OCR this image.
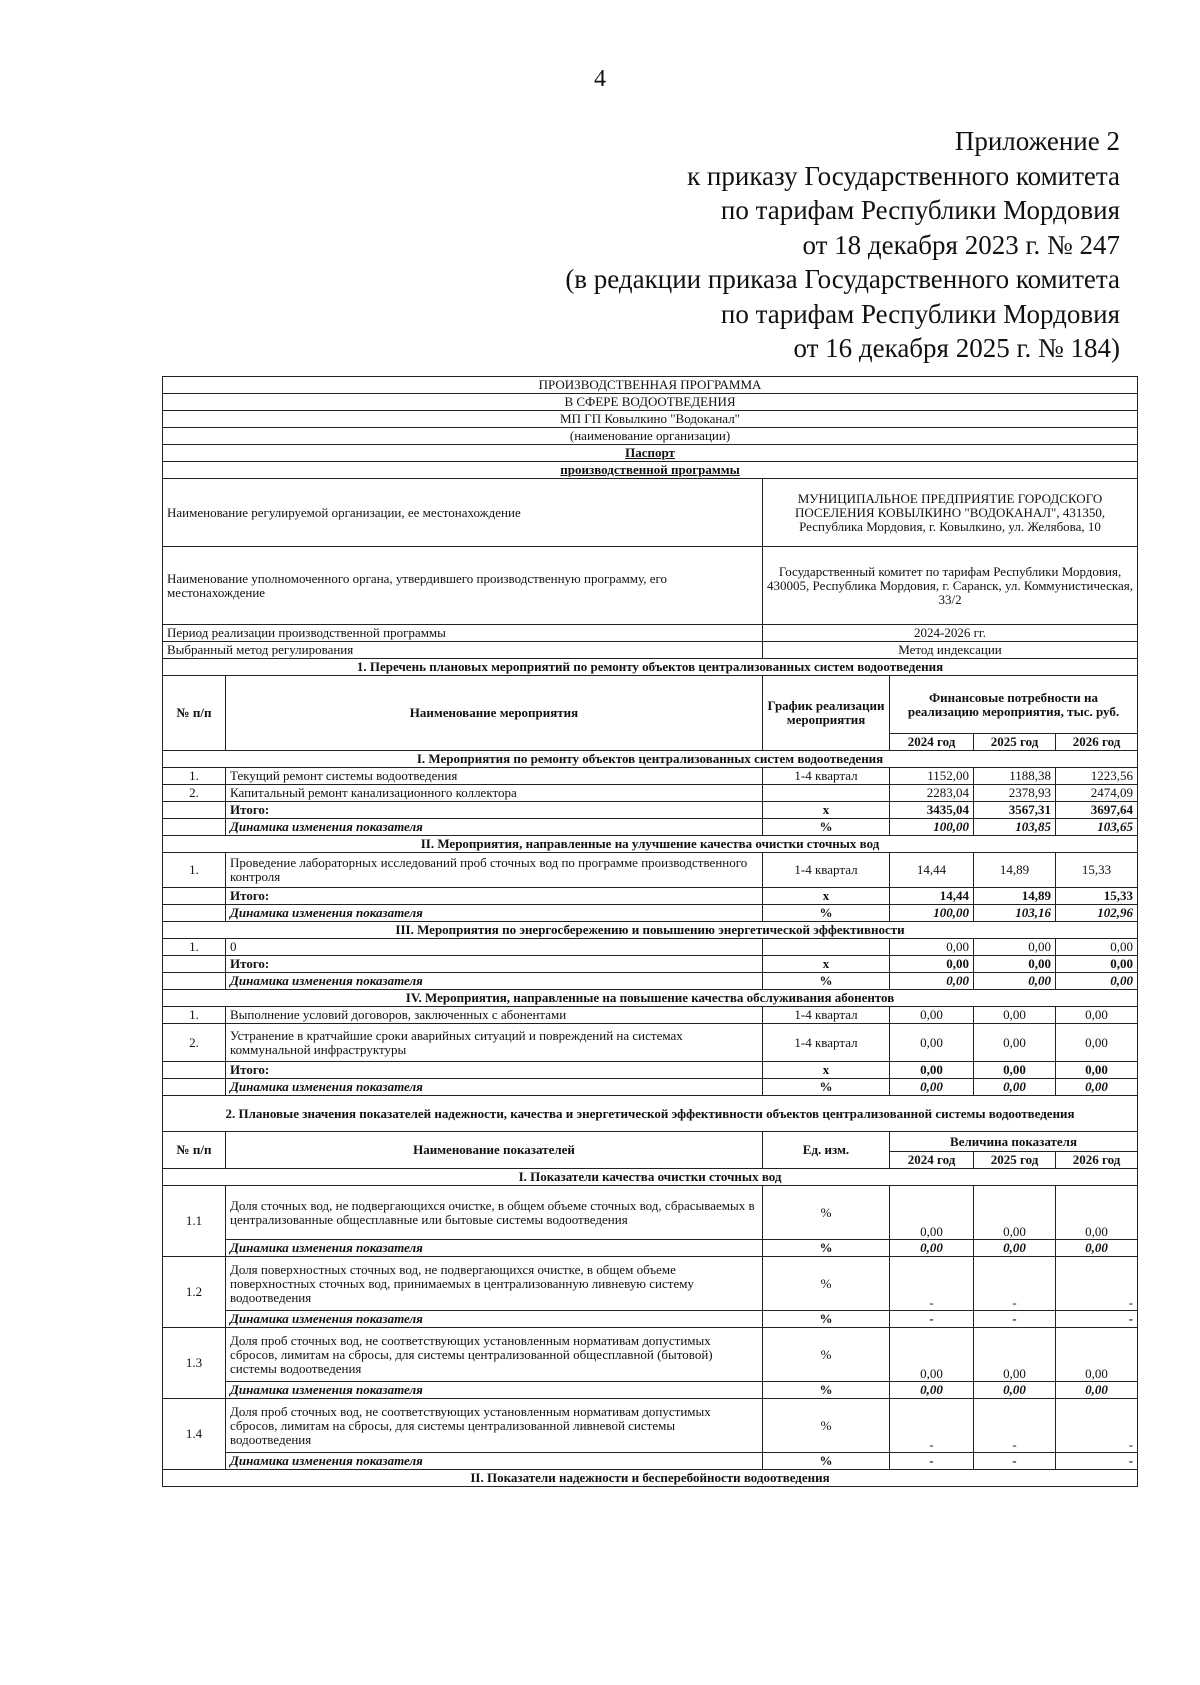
4
Приложение 2
к приказу Государственного комитета
по тарифам Республики Мордовия
от 18 декабря 2023 г. № 247
(в редакции приказа Государственного комитета
по тарифам Республики Мордовия
от 16 декабря 2025 г. № 184)
ПРОИЗВОДСТВЕННАЯ ПРОГРАММА					
В СФЕРЕ ВОДООТВЕДЕНИЯ					
МП ГП Ковылкино "Водоканал"					
(наименование организации)					
Паспорт					
производственной программы					
Наименование регулируемой организации, ее местонахождение		МУНИЦИПАЛЬНОЕ ПРЕДПРИЯТИЕ ГОРОДСКОГО ПОСЕЛЕНИЯ КОВЫЛКИНО "ВОДОКАНАЛ", 431350, Республика Мордовия, г. Ковылкино, ул. Желябова, 10			
Наименование уполномоченного органа, утвердившего производственную программу, его местонахождение		Государственный комитет по тарифам Республики Мордовия, 430005, Республика Мордовия, г. Саранск, ул. Коммунистическая, 33/2			
Период реализации производственной программы		2024-2026 гг.			
Выбранный метод регулирования		Метод индексации			
1. Перечень плановых мероприятий по ремонту объектов централизованных систем водоотведения					
№ п/п	Наименование мероприятия	График реализации мероприятия	Финансовые потребности на реализацию мероприятия, тыс. руб.		
			2024 год	2025 год	2026 год
I. Мероприятия по ремонту объектов централизованных систем водоотведения					
1.	Текущий ремонт системы водоотведения	1-4 квартал	1152,00	1188,38	1223,56
2.	Капитальный ремонт канализационного коллектора		2283,04	2378,93	2474,09
	Итого:	х	3435,04	3567,31	3697,64
	Динамика изменения показателя	%	100,00	103,85	103,65
II. Мероприятия, направленные на улучшение качества очистки сточных вод					
1.	Проведение лабораторных исследований проб сточных вод по программе производственного контроля	1-4 квартал	14,44	14,89	15,33
	Итого:	х	14,44	14,89	15,33
	Динамика изменения показателя	%	100,00	103,16	102,96
III. Мероприятия по энергосбережению и повышению энергетической эффективности					
1.	0		0,00	0,00	0,00
	Итого:	х	0,00	0,00	0,00
	Динамика изменения показателя	%	0,00	0,00	0,00
IV. Мероприятия, направленные на повышение качества обслуживания абонентов					
1.	Выполнение условий договоров, заключенных с абонентами	1-4 квартал	0,00	0,00	0,00
2.	Устранение в кратчайшие сроки аварийных ситуаций и повреждений на системах коммунальной инфраструктуры	1-4 квартал	0,00	0,00	0,00
	Итого:	х	0,00	0,00	0,00
	Динамика изменения показателя	%	0,00	0,00	0,00
2. Плановые значения показателей надежности, качества и энергетической эффективности объектов централизованной системы водоотведения					
№ п/п	Наименование показателей	Ед. изм.	Величина показателя		
			2024 год	2025 год	2026 год
I. Показатели качества очистки сточных вод					
1.1	Доля сточных вод, не подвергающихся очистке, в общем объеме сточных вод, сбрасываемых в централизованные общесплавные или бытовые системы водоотведения	%	0,00	0,00	0,00
	Динамика изменения показателя	%	0,00	0,00	0,00
1.2	Доля поверхностных сточных вод, не подвергающихся очистке, в общем объеме поверхностных сточных вод, принимаемых в централизованную ливневую систему водоотведения	%	-	-	-
	Динамика изменения показателя	%	-	-	-
1.3	Доля проб сточных вод, не соответствующих установленным нормативам допустимых сбросов, лимитам на сбросы, для системы централизованной общесплавной (бытовой) системы водоотведения	%	0,00	0,00	0,00
	Динамика изменения показателя	%	0,00	0,00	0,00
1.4	Доля проб сточных вод, не соответствующих установленным нормативам допустимых сбросов, лимитам на сбросы, для системы централизованной ливневой системы водоотведения	%	-	-	-
	Динамика изменения показателя	%	-	-	-
II. Показатели надежности и бесперебойности водоотведения					
